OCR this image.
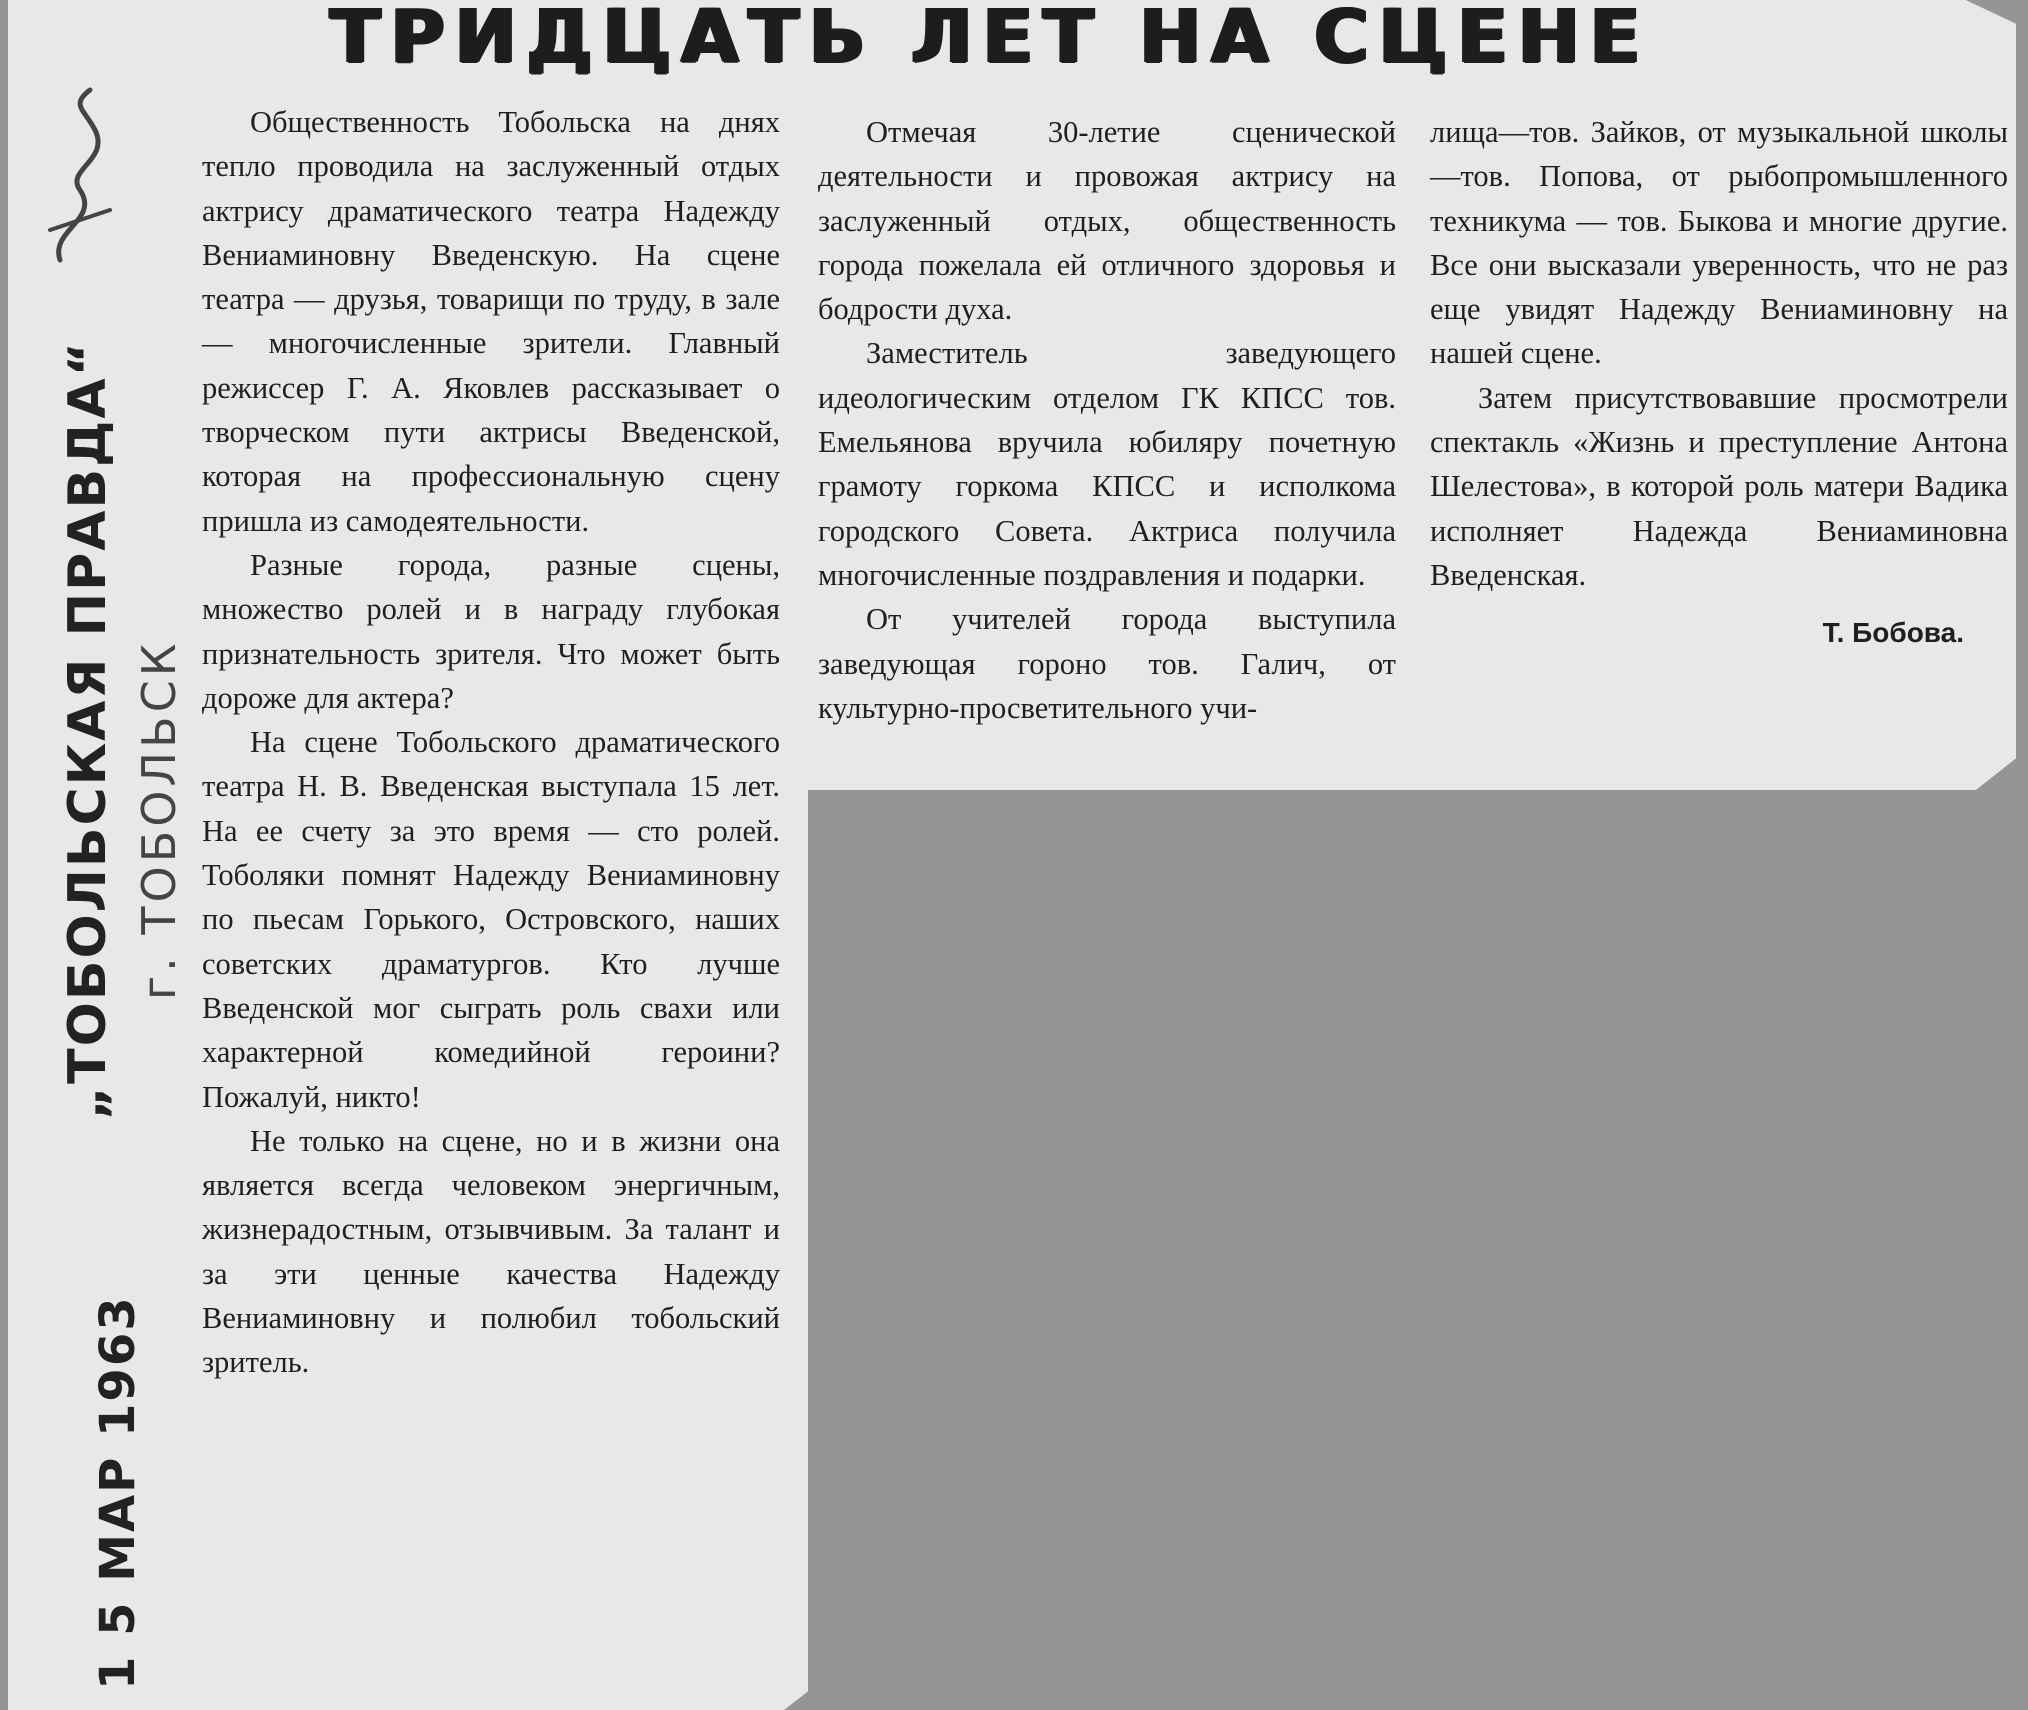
ТРИДЦАТЬ ЛЕТ НА СЦЕНЕ

Общественность Тобольска на днях тепло проводила на заслуженный отдых актрису драматического театра Надежду Вениаминовну Введенскую. На сцене театра — друзья, товарищи по труду, в зале — многочисленные зрители. Главный режиссер Г. А. Яковлев рассказывает о творческом пути актрисы Введенской, которая на профессиональную сцену пришла из самодеятельности.

Разные города, разные сцены, множество ролей и в награду глубокая признательность зрителя. Что может быть дороже для актера?

На сцене Тобольского драматического театра Н. В. Введенская выступала 15 лет. На ее счету за это время — сто ролей. Тоболяки помнят Надежду Вениаминовну по пьесам Горького, Островского, наших советских драматургов. Кто лучше Введенской мог сыграть роль свахи или характерной комедийной героини? Пожалуй, никто!

Не только на сцене, но и в жизни она является всегда человеком энергичным, жизнерадостным, отзывчивым. За талант и за эти ценные качества Надежду Вениаминовну и полюбил тобольский зритель.

Отмечая 30-летие сценической деятельности и провожая актрису на заслуженный отдых, общественность города пожелала ей отличного здоровья и бодрости духа.

Заместитель заведующего идеологическим отделом ГК КПСС тов. Емельянова вручила юбиляру почетную грамоту горкома КПСС и исполкома городского Совета. Актриса получила многочисленные поздравления и подарки.

От учителей города выступила заведующая гороно тов. Галич, от культурно-просветительного учи-

лища—тов. Зайков, от музыкальной школы—тов. Попова, от рыбопромышленного техникума — тов. Быкова и многие другие. Все они высказали уверенность, что не раз еще увидят Надежду Вениаминовну на нашей сцене.

Затем присутствовавшие просмотрели спектакль «Жизнь и преступление Антона Шелестова», в которой роль матери Вадика исполняет Надежда Вениаминовна Введенская.

Т. Бобова.

„ТОБОЛЬСКАЯ ПРАВДА“ г. ТОБОЛЬСК
1 5 МАР 1963
